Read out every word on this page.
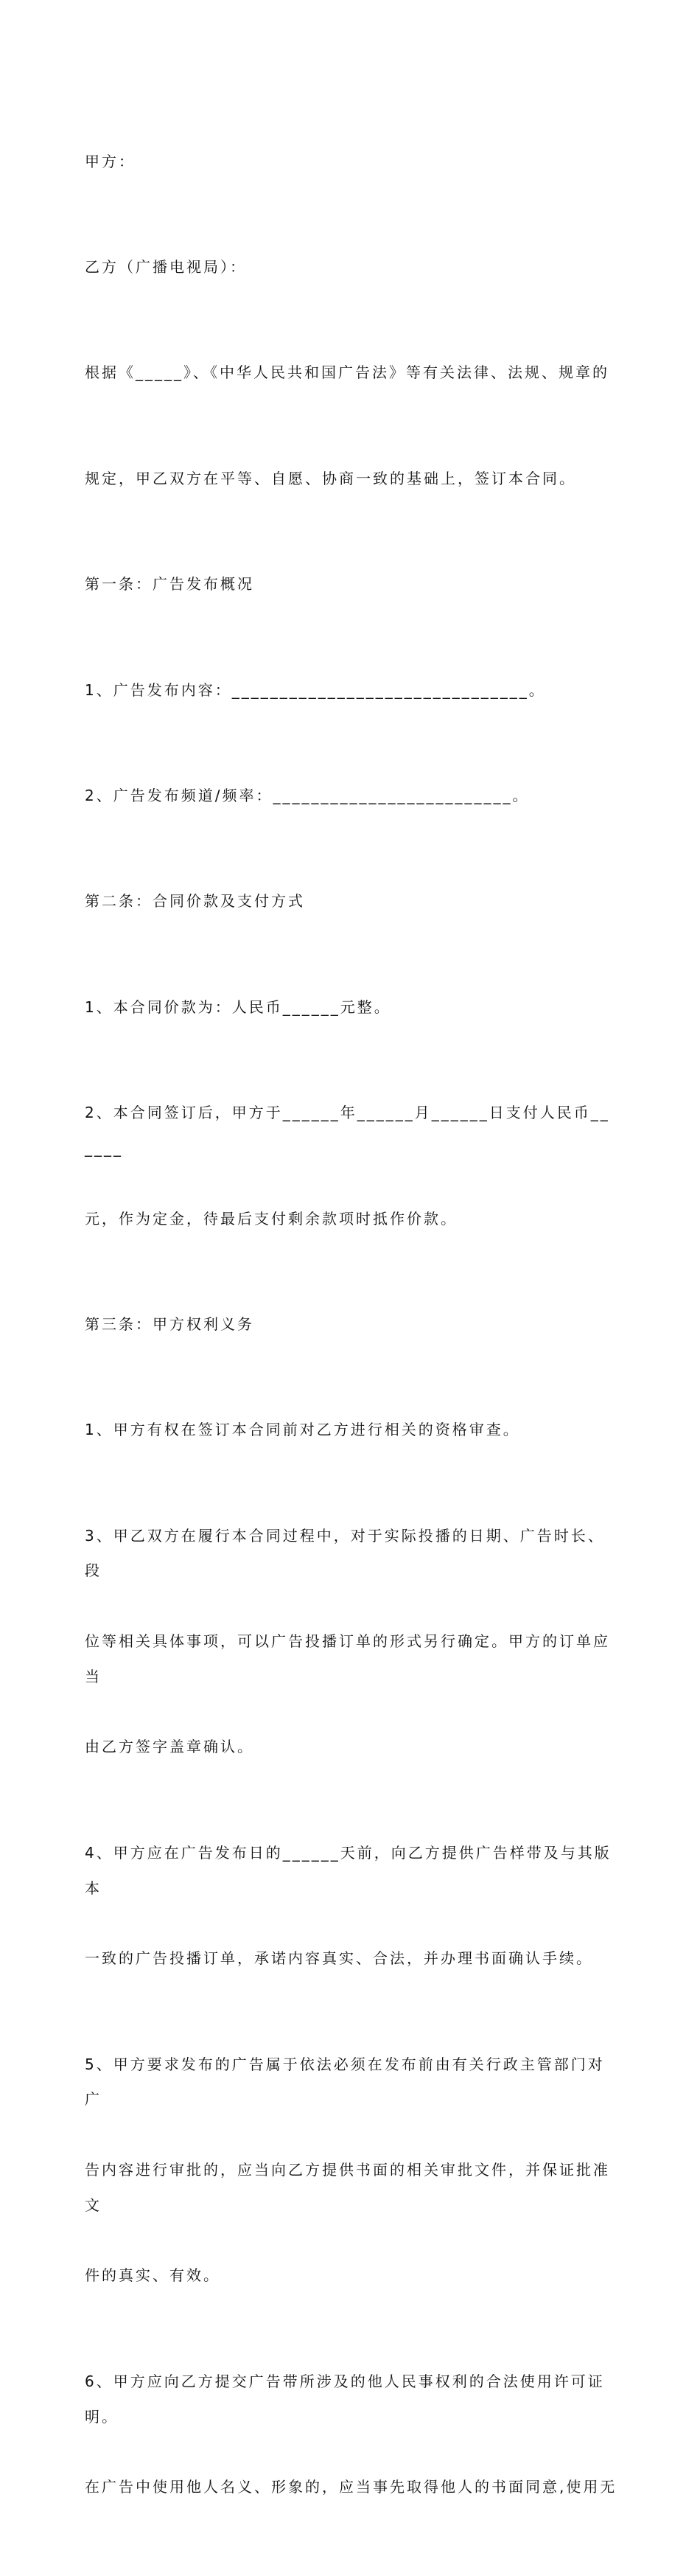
甲方：

乙方（广播电视局）：

根据《_____》、《中华人民共和国广告法》等有关法律、法规、规章的

规定，甲乙双方在平等、自愿、协商一致的基础上，签订本合同。

第一条：广告发布概况

1、广告发布内容：_______________________________。

2、广告发布频道/频率：_________________________。

第二条：合同价款及支付方式

1、本合同价款为：人民币______元整。

2、本合同签订后，甲方于______年______月______日支付人民币______

元，作为定金，待最后支付剩余款项时抵作价款。

第三条：甲方权利义务

1、甲方有权在签订本合同前对乙方进行相关的资格审查。

3、甲乙双方在履行本合同过程中，对于实际投播的日期、广告时长、段

位等相关具体事项，可以广告投播订单的形式另行确定。甲方的订单应当

由乙方签字盖章确认。

4、甲方应在广告发布日的______天前，向乙方提供广告样带及与其版本

一致的广告投播订单，承诺内容真实、合法，并办理书面确认手续。

5、甲方要求发布的广告属于依法必须在发布前由有关行政主管部门对广

告内容进行审批的，应当向乙方提供书面的相关审批文件，并保证批准文

件的真实、有效。

6、甲方应向乙方提交广告带所涉及的他人民事权利的合法使用许可证明。

在广告中使用他人名义、形象的，应当事先取得他人的书面同意,使用无
